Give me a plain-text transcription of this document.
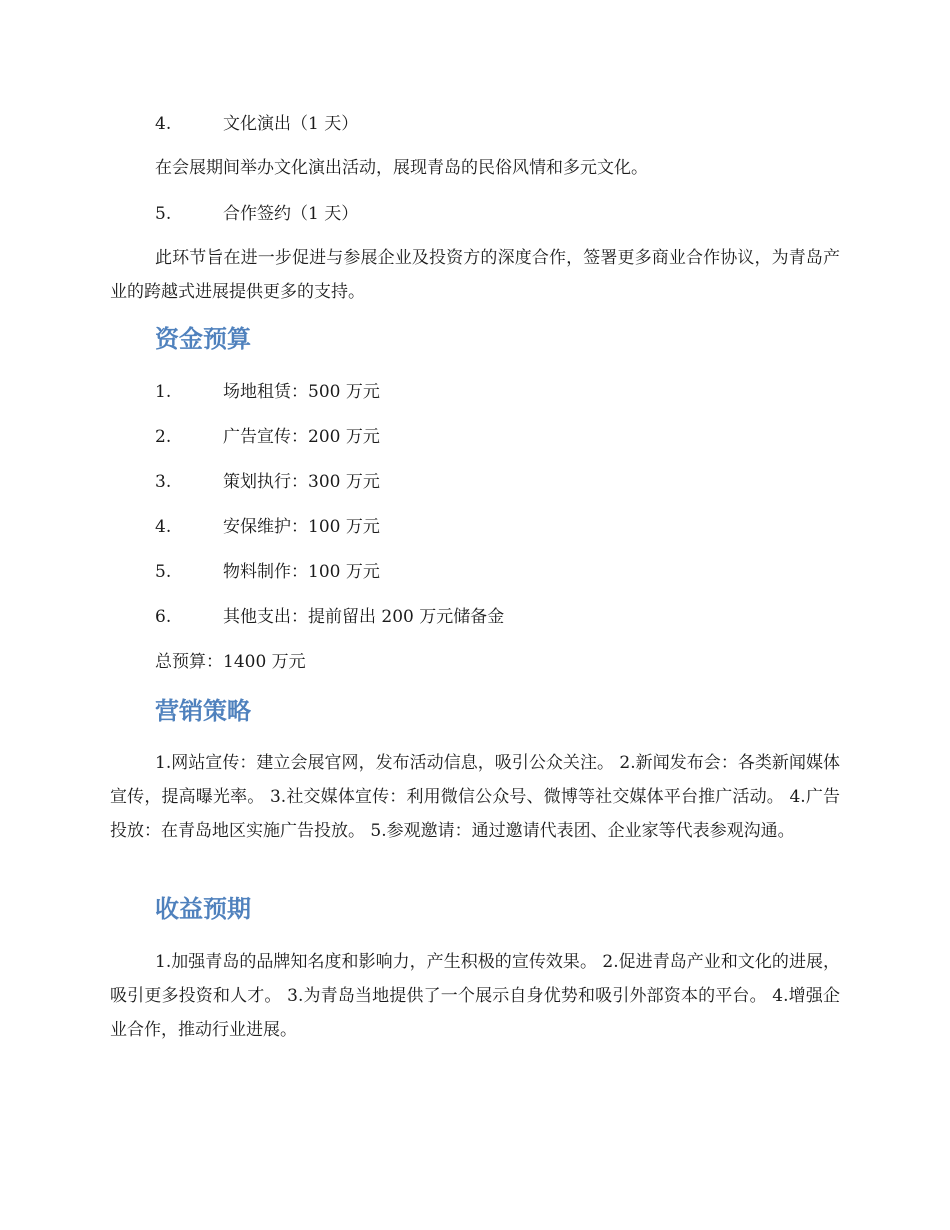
4.	文化演出（1 天）
在会展期间举办文化演出活动，展现青岛的民俗风情和多元文化。
5.	合作签约（1 天）
此环节旨在进一步促进与参展企业及投资方的深度合作，签署更多商业合作协议，为青岛产业的跨越式进展提供更多的支持。
资金预算
1.	场地租赁：500 万元
2.	广告宣传：200 万元
3.	策划执行：300 万元
4.	安保维护：100 万元
5.	物料制作：100 万元
6.	其他支出：提前留出 200 万元储备金
总预算：1400 万元
营销策略
1.网站宣传：建立会展官网，发布活动信息，吸引公众关注。 2.新闻发布会：各类新闻媒体宣传，提高曝光率。 3.社交媒体宣传：利用微信公众号、微博等社交媒体平台推广活动。 4.广告投放：在青岛地区实施广告投放。 5.参观邀请：通过邀请代表团、企业家等代表参观沟通。
收益预期
1.加强青岛的品牌知名度和影响力，产生积极的宣传效果。 2.促进青岛产业和文化的进展，吸引更多投资和人才。 3.为青岛当地提供了一个展示自身优势和吸引外部资本的平台。 4.增强企业合作，推动行业进展。
